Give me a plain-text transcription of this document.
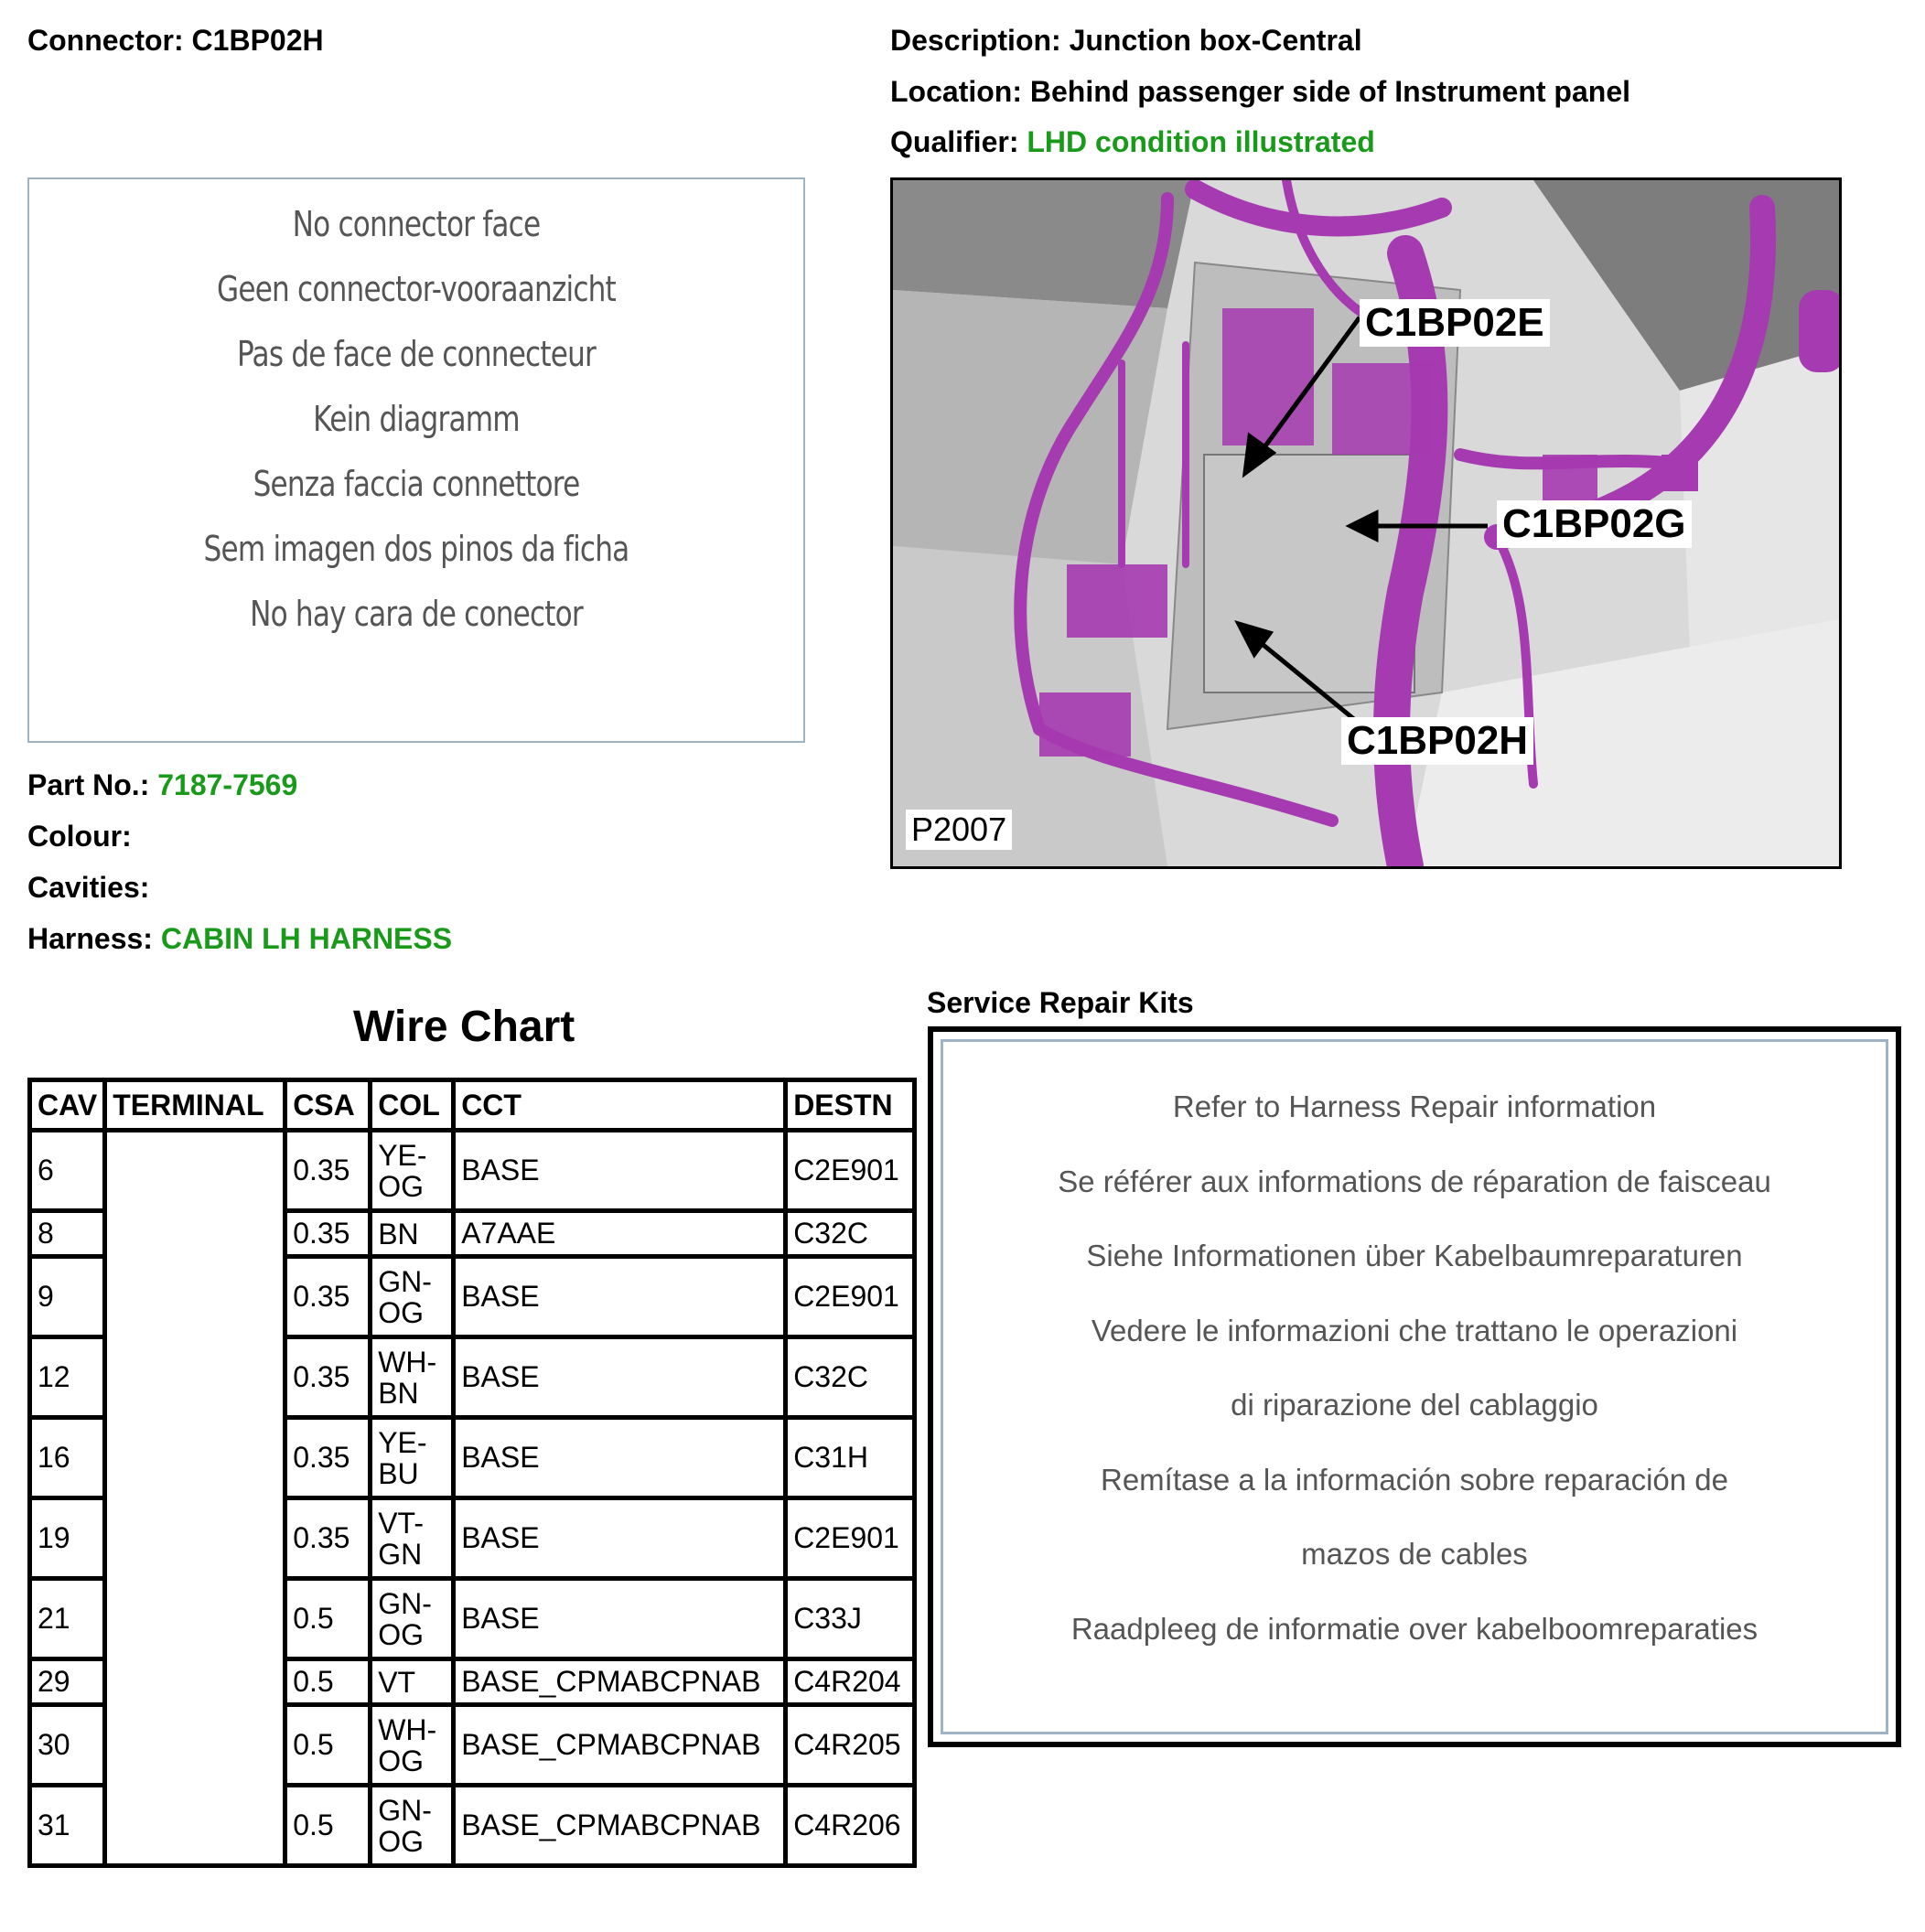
Connector: C1BP02H	Description: Junction box-Central
Location: Behind passenger side of Instrument panel
Qualifier: LHD condition illustrated
No connector face
Geen connector-vooraanzicht
Pas de face de connecteur
Kein diagramm
Senza faccia connettore
Sem imagen dos pinos da ficha
No hay cara de conector
Part No.: 7187-7569
Colour:
Cavities:
Harness: CABIN LH HARNESS
C1BP02E
C1BP02G
C1BP02H
P2007
Wire Chart
CAV	TERMINAL	CSA	COL	CCT	DESTN
6		0.35	YE-OG	BASE	C2E901
8		0.35	BN	A7AAE	C32C
9		0.35	GN-OG	BASE	C2E901
12		0.35	WH-BN	BASE	C32C
16		0.35	YE-BU	BASE	C31H
19		0.35	VT-GN	BASE	C2E901
21		0.5	GN-OG	BASE	C33J
29		0.5	VT	BASE_CPMABCPNAB	C4R204
30		0.5	WH-OG	BASE_CPMABCPNAB	C4R205
31		0.5	GN-OG	BASE_CPMABCPNAB	C4R206
Service Repair Kits
Refer to Harness Repair information
Se référer aux informations de réparation de faisceau
Siehe Informationen über Kabelbaumreparaturen
Vedere le informazioni che trattano le operazioni
di riparazione del cablaggio
Remítase a la información sobre reparación de
mazos de cables
Raadpleeg de informatie over kabelboomreparaties
